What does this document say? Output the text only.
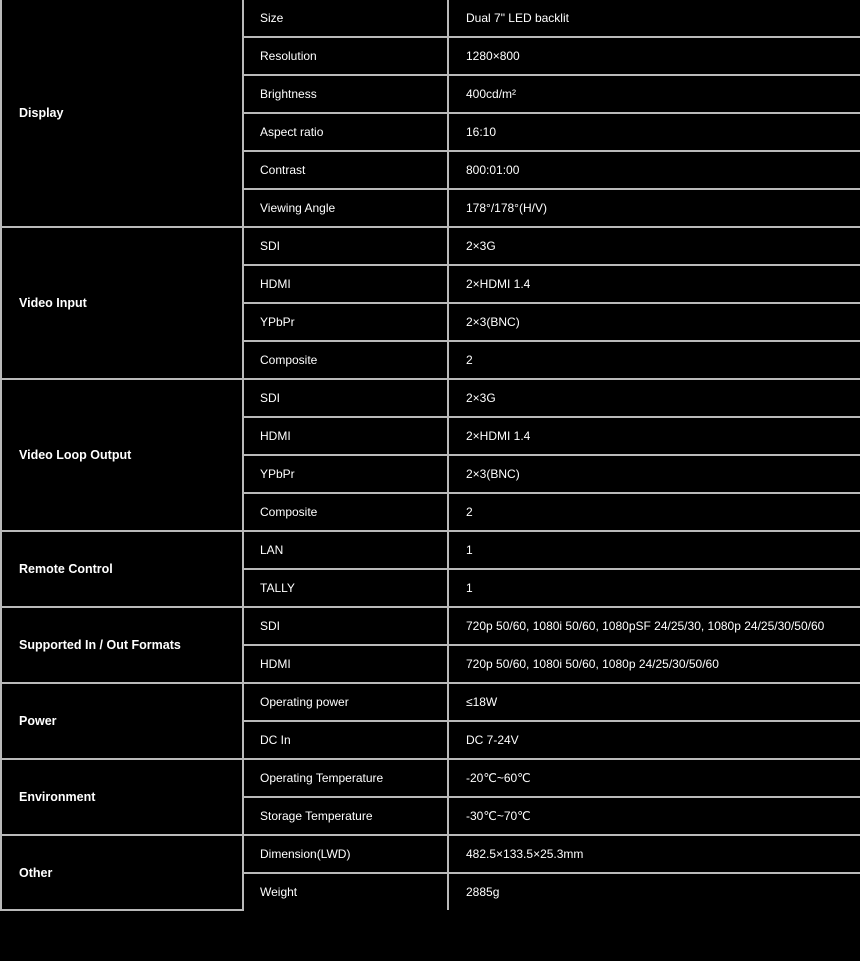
Display	Size	Dual 7" LED backlit
	Resolution	1280×800
	Brightness	400cd/m²
	Aspect ratio	16:10
	Contrast	800:01:00
	Viewing Angle	178°/178°(H/V)
Video Input	SDI	2×3G
	HDMI	2×HDMI 1.4
	YPbPr	2×3(BNC)
	Composite	2
Video Loop Output	SDI	2×3G
	HDMI	2×HDMI 1.4
	YPbPr	2×3(BNC)
	Composite	2
Remote Control	LAN	1
	TALLY	1
Supported In / Out Formats	SDI	720p 50/60, 1080i 50/60, 1080pSF 24/25/30, 1080p 24/25/30/50/60
	HDMI	720p 50/60, 1080i 50/60, 1080p 24/25/30/50/60
Power	Operating power	≤18W
	DC In	DC 7-24V
Environment	Operating Temperature	-20℃~60℃
	Storage Temperature	-30℃~70℃
Other	Dimension(LWD)	482.5×133.5×25.3mm
	Weight	2885g
